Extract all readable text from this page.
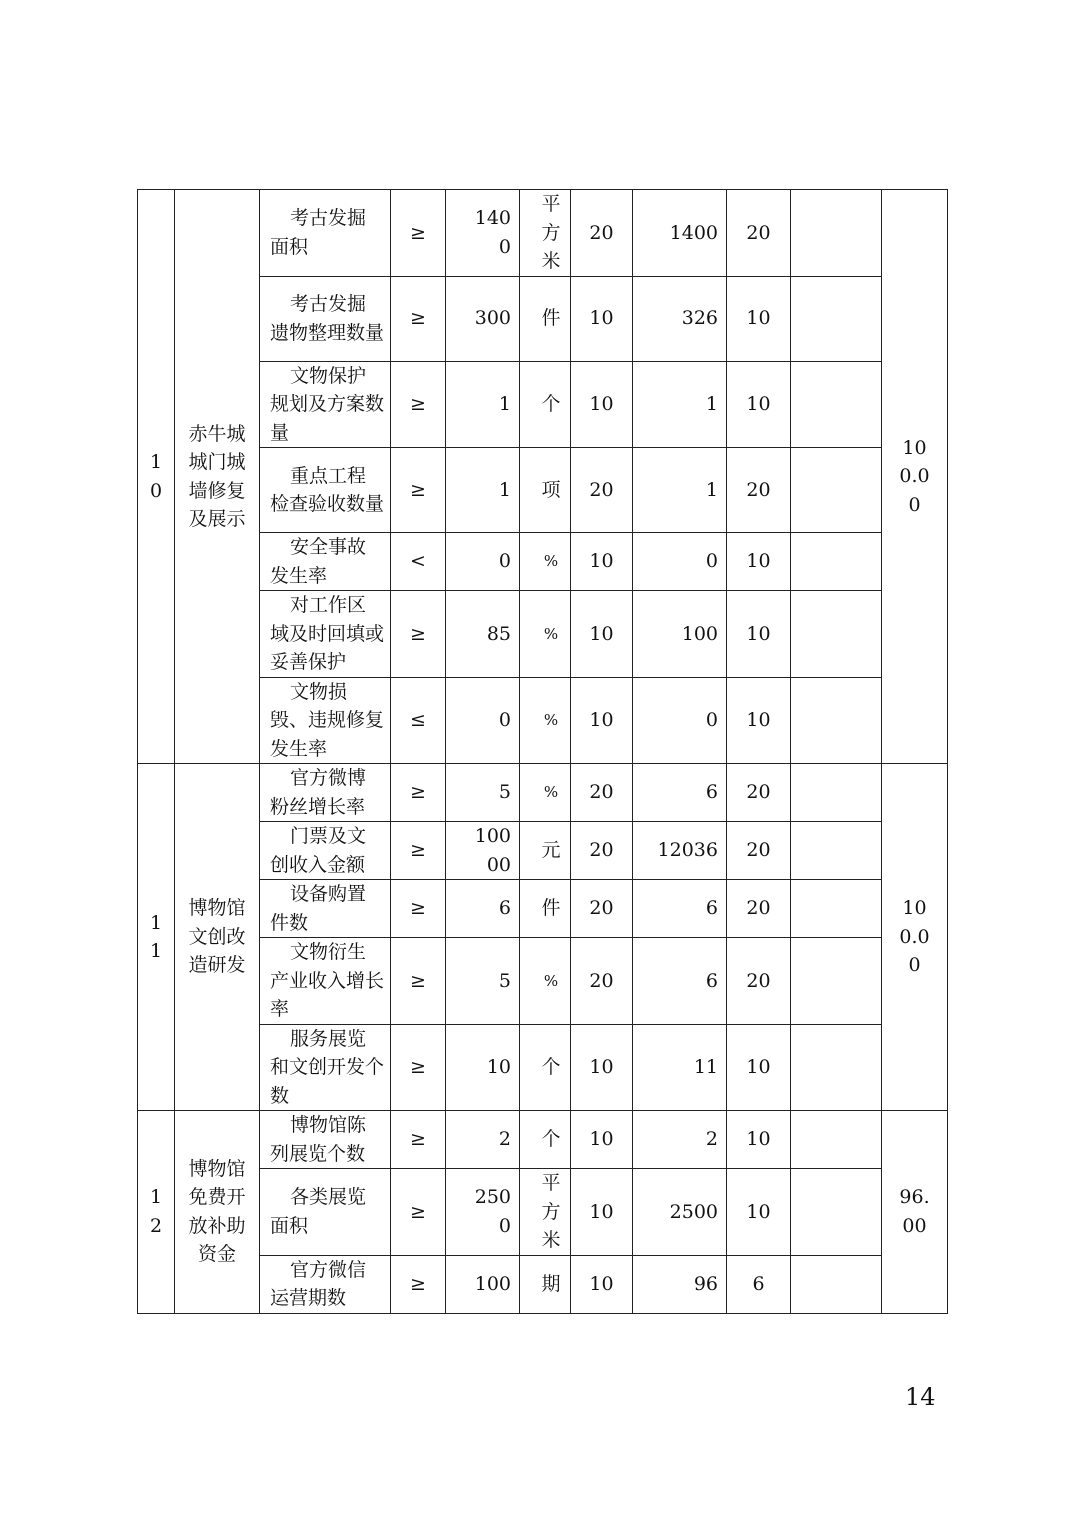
10	赤牛城城门城墙修复及展示	考古发掘面积	≥	1400	平方米	20	1400	20		100.00

		考古发掘遗物整理数量	≥	300	件	10	326	10		
		文物保护规划及方案数量	≥	1	个	10	1	10		
		重点工程检查验收数量	≥	1	项	20	1	20		
		安全事故发生率	<	0	%	10	0	10		
		对工作区域及时回填或妥善保护	≥	85	%	10	100	10		
		文物损毁、违规修复发生率	≤	0	%	10	0	10		

11	博物馆文创改造研发	官方微博粉丝增长率	≥	5	%	20	6	20		100.00

		门票及文创收入金额	≥	10000	元	20	12036	20		
		设备购置件数	≥	6	件	20	6	20		
		文物衍生产业收入增长率	≥	5	%	20	6	20		
		服务展览和文创开发个数	≥	10	个	10	11	10		

12	博物馆免费开放补助资金	博物馆陈列展览个数	≥	2	个	10	2	10		96.00

		各类展览面积	≥	2500	平方米	10	2500	10		
		官方微信运营期数	≥	100	期	10	96	6		
14
